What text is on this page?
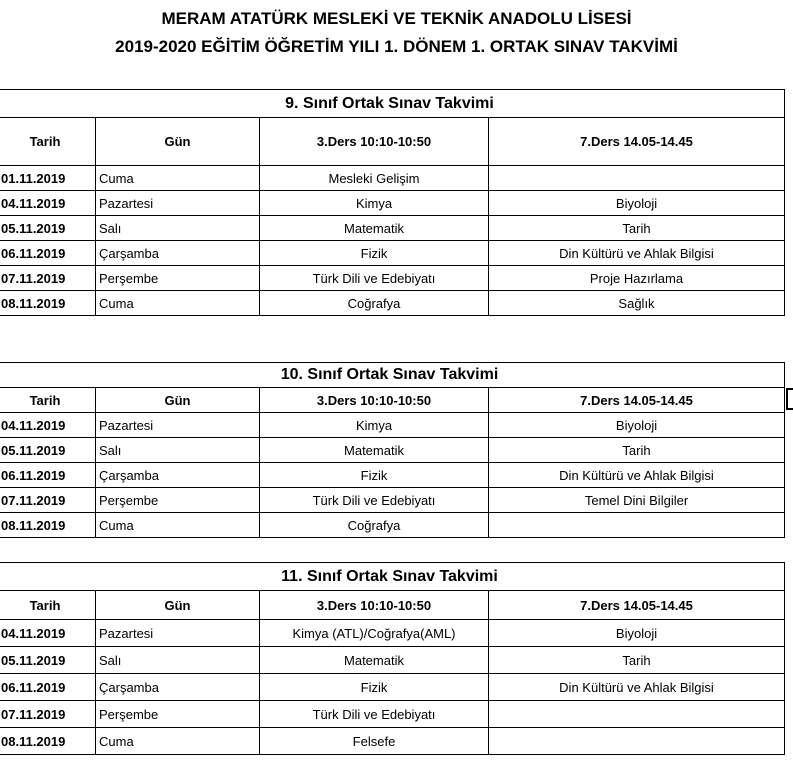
MERAM ATATÜRK MESLEKİ VE TEKNİK ANADOLU LİSESİ
2019-2020 EĞİTİM ÖĞRETİM YILI 1. DÖNEM 1. ORTAK SINAV TAKVİMİ
9. Sınıf Ortak Sınav Takvimi			
Tarih	Gün	3.Ders 10:10-10:50	7.Ders 14.05-14.45
01.11.2019	Cuma	Mesleki Gelişim	
04.11.2019	Pazartesi	Kimya	Biyoloji
05.11.2019	Salı	Matematik	Tarih
06.11.2019	Çarşamba	Fizik	Din Kültürü ve Ahlak Bilgisi
07.11.2019	Perşembe	Türk Dili ve Edebiyatı	Proje Hazırlama
08.11.2019	Cuma	Coğrafya	Sağlık
10. Sınıf Ortak Sınav Takvimi			
Tarih	Gün	3.Ders 10:10-10:50	7.Ders 14.05-14.45
04.11.2019	Pazartesi	Kimya	Biyoloji
05.11.2019	Salı	Matematik	Tarih
06.11.2019	Çarşamba	Fizik	Din Kültürü ve Ahlak Bilgisi
07.11.2019	Perşembe	Türk Dili ve Edebiyatı	Temel Dini Bilgiler
08.11.2019	Cuma	Coğrafya	
11. Sınıf Ortak Sınav Takvimi			
Tarih	Gün	3.Ders 10:10-10:50	7.Ders 14.05-14.45
04.11.2019	Pazartesi	Kimya (ATL)/Coğrafya(AML)	Biyoloji
05.11.2019	Salı	Matematik	Tarih
06.11.2019	Çarşamba	Fizik	Din Kültürü ve Ahlak Bilgisi
07.11.2019	Perşembe	Türk Dili ve Edebiyatı	
08.11.2019	Cuma	Felsefe	
